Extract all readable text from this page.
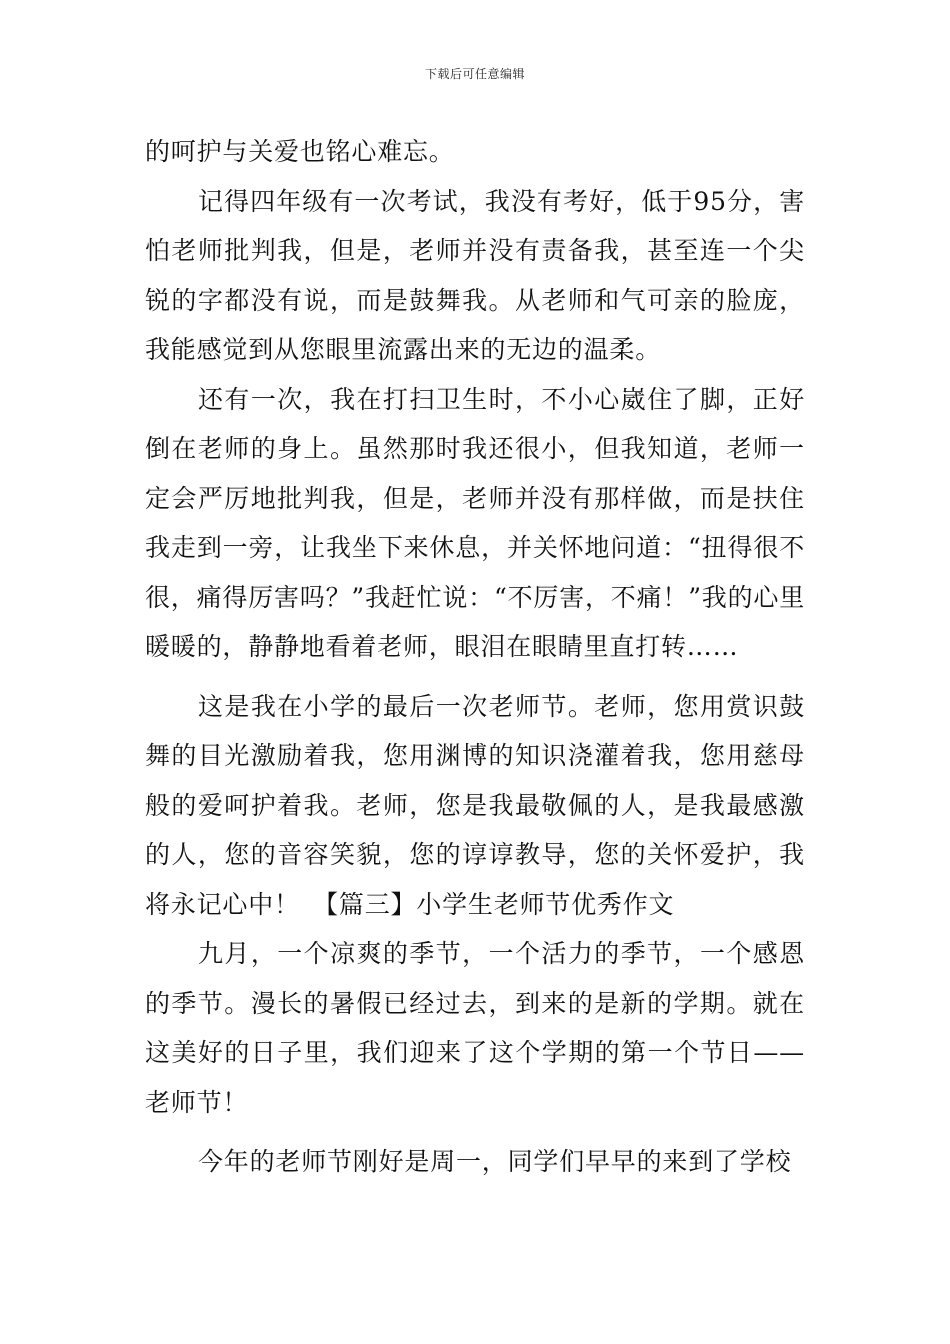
下载后可任意编辑

的呵护与关爱也铭心难忘。

记得四年级有一次考试，我没有考好，低于95分，害怕老师批判我，但是，老师并没有责备我，甚至连一个尖锐的字都没有说，而是鼓舞我。从老师和气可亲的脸庞，我能感觉到从您眼里流露出来的无边的温柔。

还有一次，我在打扫卫生时，不小心崴住了脚，正好倒在老师的身上。虽然那时我还很小，但我知道，老师一定会严厉地批判我，但是，老师并没有那样做，而是扶住我走到一旁，让我坐下来休息，并关怀地问道：“扭得很不很，痛得厉害吗？”我赶忙说：“不厉害，不痛！”我的心里暖暖的，静静地看着老师，眼泪在眼睛里直打转……

这是我在小学的最后一次老师节。老师，您用赏识鼓舞的目光激励着我，您用渊博的知识浇灌着我，您用慈母般的爱呵护着我。老师，您是我最敬佩的人，是我最感激的人，您的音容笑貌，您的谆谆教导，您的关怀爱护，我将永记心中！　【篇三】小学生老师节优秀作文

九月，一个凉爽的季节，一个活力的季节，一个感恩的季节。漫长的暑假已经过去，到来的是新的学期。就在这美好的日子里，我们迎来了这个学期的第一个节日——老师节！

今年的老师节刚好是周一，同学们早早的来到了学校
